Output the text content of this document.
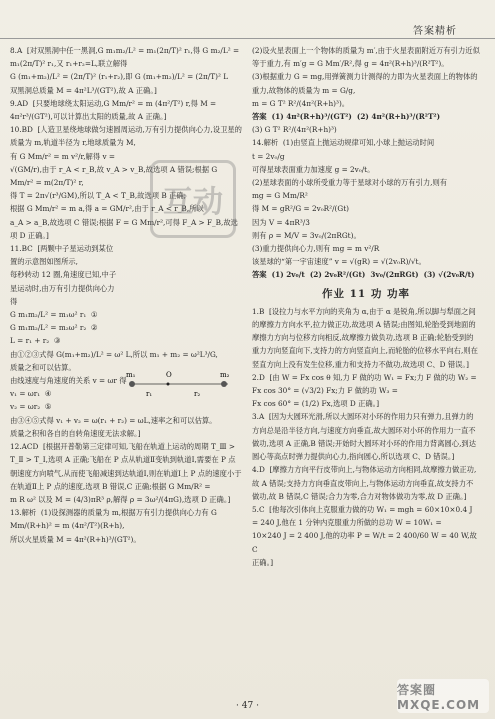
答案精析

8.A  [对双黑洞中任一黑洞,G m₁m₂/L² = m₁(2π/T)² r₁,得 G m₂/L² =

m₁(2π/T)² r₁,又 r₁+r₂=L,联立解得

G (m₁+m₂)/L² = (2π/T)² (r₁+r₂),即 G (m₁+m₂)/L² = (2π/T)² L

双黑洞总质量 M = 4π²L³/(GT²),故 A 正确。]

9.AD  [只要地球绕太阳运动,G Mm/r² = m (4π²/T²) r,得 M = 4π²r³/(GT²),可以计算出太阳的质量,故 A 正确。]

10.BD  [人造卫星绕地球做匀速圆周运动,万有引力提供向心力,设卫星的质量为 m,轨道半径为 r,地球质量为 M,

有 G Mm/r² = m v²/r,解得 v =

√(GM/r),由于 r_A < r_B,故 v_A > v_B,故选项 A 错误;根据 G Mm/r² = m(2π/T)² r,

得 T = 2π√(r³/GM),所以 T_A < T_B,故选项 B 正确;

根据 G Mm/r² = m a,得 a = GM/r²,由于 r_A < r_B,所以

a_A > a_B,故选项 C 错误;根据 F = G Mm/r²,可得 F_A > F_B,故选项 D 正确。]

11.BC  [两颗中子星运动到某位置的示意图如图所示,

每秒转动 12 圈,角速度已知,中子星运动时,由万有引力提供向心力得

G m₁m₂/L² = m₁ω² r₁  ①

G m₁m₂/L² = m₂ω² r₂  ②

L = r₁ + r₂  ③

由①②③式得 G(m₁+m₂)/L² = ω² L,所以 m₁ + m₂ = ω²L³/G,

质量之和可以估算。

由线速度与角速度的关系 v = ωr 得

v₁ = ωr₁  ④

v₂ = ωr₂  ⑤

由③④⑤式得 v₁ + v₂ = ω(r₁ + r₂) = ωL,速率之和可以估算。

质量之积和各自的自转角速度无法求解。]

12.ACD  [根据开普勒第三定律可知,飞船在轨道上运动的周期 T_Ⅲ > T_Ⅱ > T_Ⅰ,选项 A 正确;飞船在 P 点从轨道Ⅱ变轨到轨道Ⅰ,需要在 P 点朝速度方向喷气,从而使飞船减速到达轨道Ⅰ,则在轨道Ⅰ上 P 点的速度小于在轨道Ⅱ上 P 点的速度,选项 B 错误,C 正确;根据 G Mm/R² =

m R ω² 以及 M = (4/3)πR³ ρ,解得 ρ = 3ω²/(4πG),选项 D 正确。]

13.解析  (1)设探测器的质量为 m,根据万有引力提供向心力有 G Mm/(R+h)² = m (4π²/T²)(R+h),

所以火星质量 M = 4π²(R+h)³/(GT²)。

m₁	m₂
O
r₁	r₂
互动

(2)设火星表面上一个物体的质量为 m′,由于火星表面附近万有引力近似等于重力,有 m′g = G Mm′/R²,得 g = 4π²(R+h)³/(R²T²)。

(3)根据重力 G = mg,用弹簧测力计测得的力即为火星表面上的物体的重力,故物体的质量为 m = G/g,

m = G T² R²/(4π²(R+h)³)。

答案  (1) 4π²(R+h)³/(GT²)  (2) 4π²(R+h)³/(R²T²)

(3) G T² R²/(4π²(R+h)³)

14.解析  (1)由竖直上抛运动规律可知,小球上抛运动时间

t = 2v₀/g

可得星球表面重力加速度 g = 2v₀/t。

(2)星球表面的小球所受重力等于星球对小球的万有引力,则有

mg = G Mm/R²

得 M = gR²/G = 2v₀R²/(Gt)

因为 V = 4πR³/3

则有 ρ = M/V = 3v₀/(2πRGt)。

(3)重力提供向心力,则有 mg = m v²/R

该星球的“第一宇宙速度” v = √(gR) = √(2v₀R)/√t。

答案  (1) 2v₀/t  (2) 2v₀R²/(Gt)  3v₀/(2πRGt)  (3) √(2v₀R/t)

作业 11 功 功率

1.B  [设拉力与水平方向的夹角为 α,由于 α 是锐角,所以脚与犁面之间的摩擦力方向水平,拉力做正功,故选项 A 错误;由图知,轮胎受到地面的摩擦力方向与位移方向相反,故摩擦力做负功,选项 B 正确;轮胎受到的重力方向竖直向下,支持力的方向竖直向上,而轮胎的位移水平向右,则在竖直方向上没有发生位移,重力和支持力不做功,故选项 C、D 错误。]

2.D  [由 W = Fx cos θ 知,力 F 做的功 W₁ = Fx;力 F 做的功 W₂ = Fx cos 30° = (√3/2) Fx;力 F 做的功 W₃ =

Fx cos 60° = (1/2) Fx,选项 D 正确。]

3.A  [因为大圆环光滑,所以大圆环对小环的作用力只有弹力,且弹力的方向总是沿半径方向,与速度方向垂直,故大圆环对小环的作用力一直不做功,选项 A 正确,B 错误;开始时大圆环对小环的作用力背离圆心,到达圆心等高点时弹力提供向心力,指向圆心,所以选项 C、D 错误。]

4.D  [摩擦力方向平行皮带向上,与物体运动方向相同,故摩擦力做正功,故 A 错误;支持力方向垂直皮带向上,与物体运动方向垂直,故支持力不做功,故 B 错误,C 错误;合力为零,合力对物体做功为零,故 D 正确。]

5.C  [他每次引体向上克服重力做的功 W₁ = mgh = 60×10×0.4 J = 240 J,他在 1 分钟内克服重力所做的总功 W = 10W₁ =

10×240 J = 2 400 J,他的功率 P = W/t = 2 400/60 W = 40 W,故 C

正确。]

· 47 ·
答案圈 MXQE.COM
